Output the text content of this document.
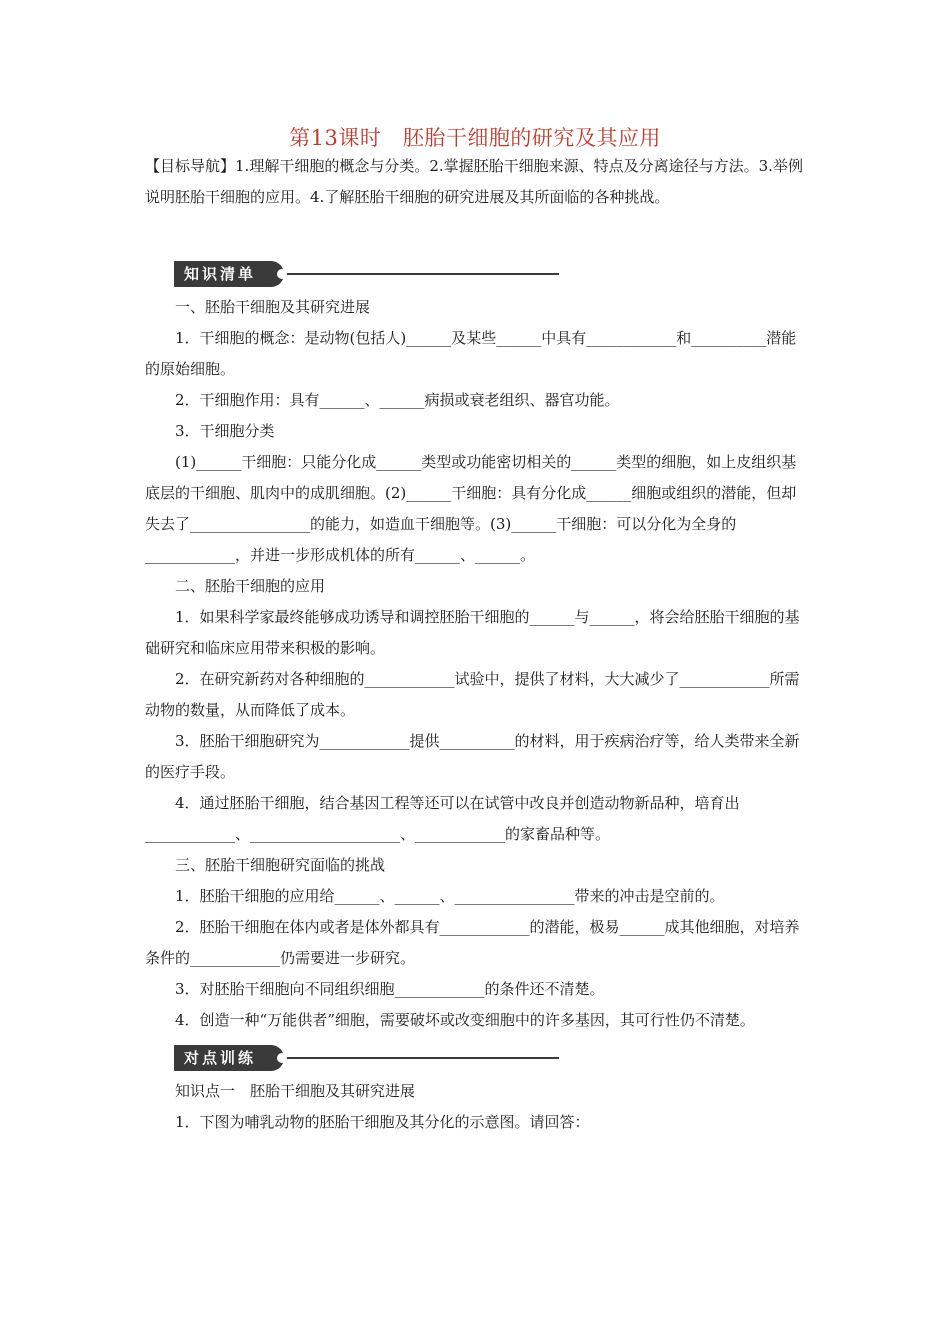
第13课时　胚胎干细胞的研究及其应用

【目标导航】1.理解干细胞的概念与分类。2.掌握胚胎干细胞来源、特点及分离途径与方法。3.举例说明胚胎干细胞的应用。4.了解胚胎干细胞的研究进展及其所面临的各种挑战。

知识清单

一、胚胎干细胞及其研究进展

1．干细胞的概念：是动物(包括人)______及某些______中具有____________和__________潜能的原始细胞。

2．干细胞作用：具有______、______病损或衰老组织、器官功能。

3．干细胞分类

(1)______干细胞：只能分化成______类型或功能密切相关的______类型的细胞，如上皮组织基底层的干细胞、肌肉中的成肌细胞。(2)______干细胞：具有分化成______细胞或组织的潜能，但却失去了________________的能力，如造血干细胞等。(3)______干细胞：可以分化为全身的____________，并进一步形成机体的所有______、______。

二、胚胎干细胞的应用

1．如果科学家最终能够成功诱导和调控胚胎干细胞的______与______，将会给胚胎干细胞的基础研究和临床应用带来积极的影响。

2．在研究新药对各种细胞的____________试验中，提供了材料，大大减少了____________所需动物的数量，从而降低了成本。

3．胚胎干细胞研究为____________提供__________的材料，用于疾病治疗等，给人类带来全新的医疗手段。

4．通过胚胎干细胞，结合基因工程等还可以在试管中改良并创造动物新品种，培育出____________、____________________、____________的家畜品种等。

三、胚胎干细胞研究面临的挑战

1．胚胎干细胞的应用给______、______、________________带来的冲击是空前的。

2．胚胎干细胞在体内或者是体外都具有____________的潜能，极易______成其他细胞，对培养条件的____________仍需要进一步研究。

3．对胚胎干细胞向不同组织细胞____________的条件还不清楚。

4．创造一种“万能供者”细胞，需要破坏或改变细胞中的许多基因，其可行性仍不清楚。

对点训练

知识点一　胚胎干细胞及其研究进展

1．下图为哺乳动物的胚胎干细胞及其分化的示意图。请回答：
